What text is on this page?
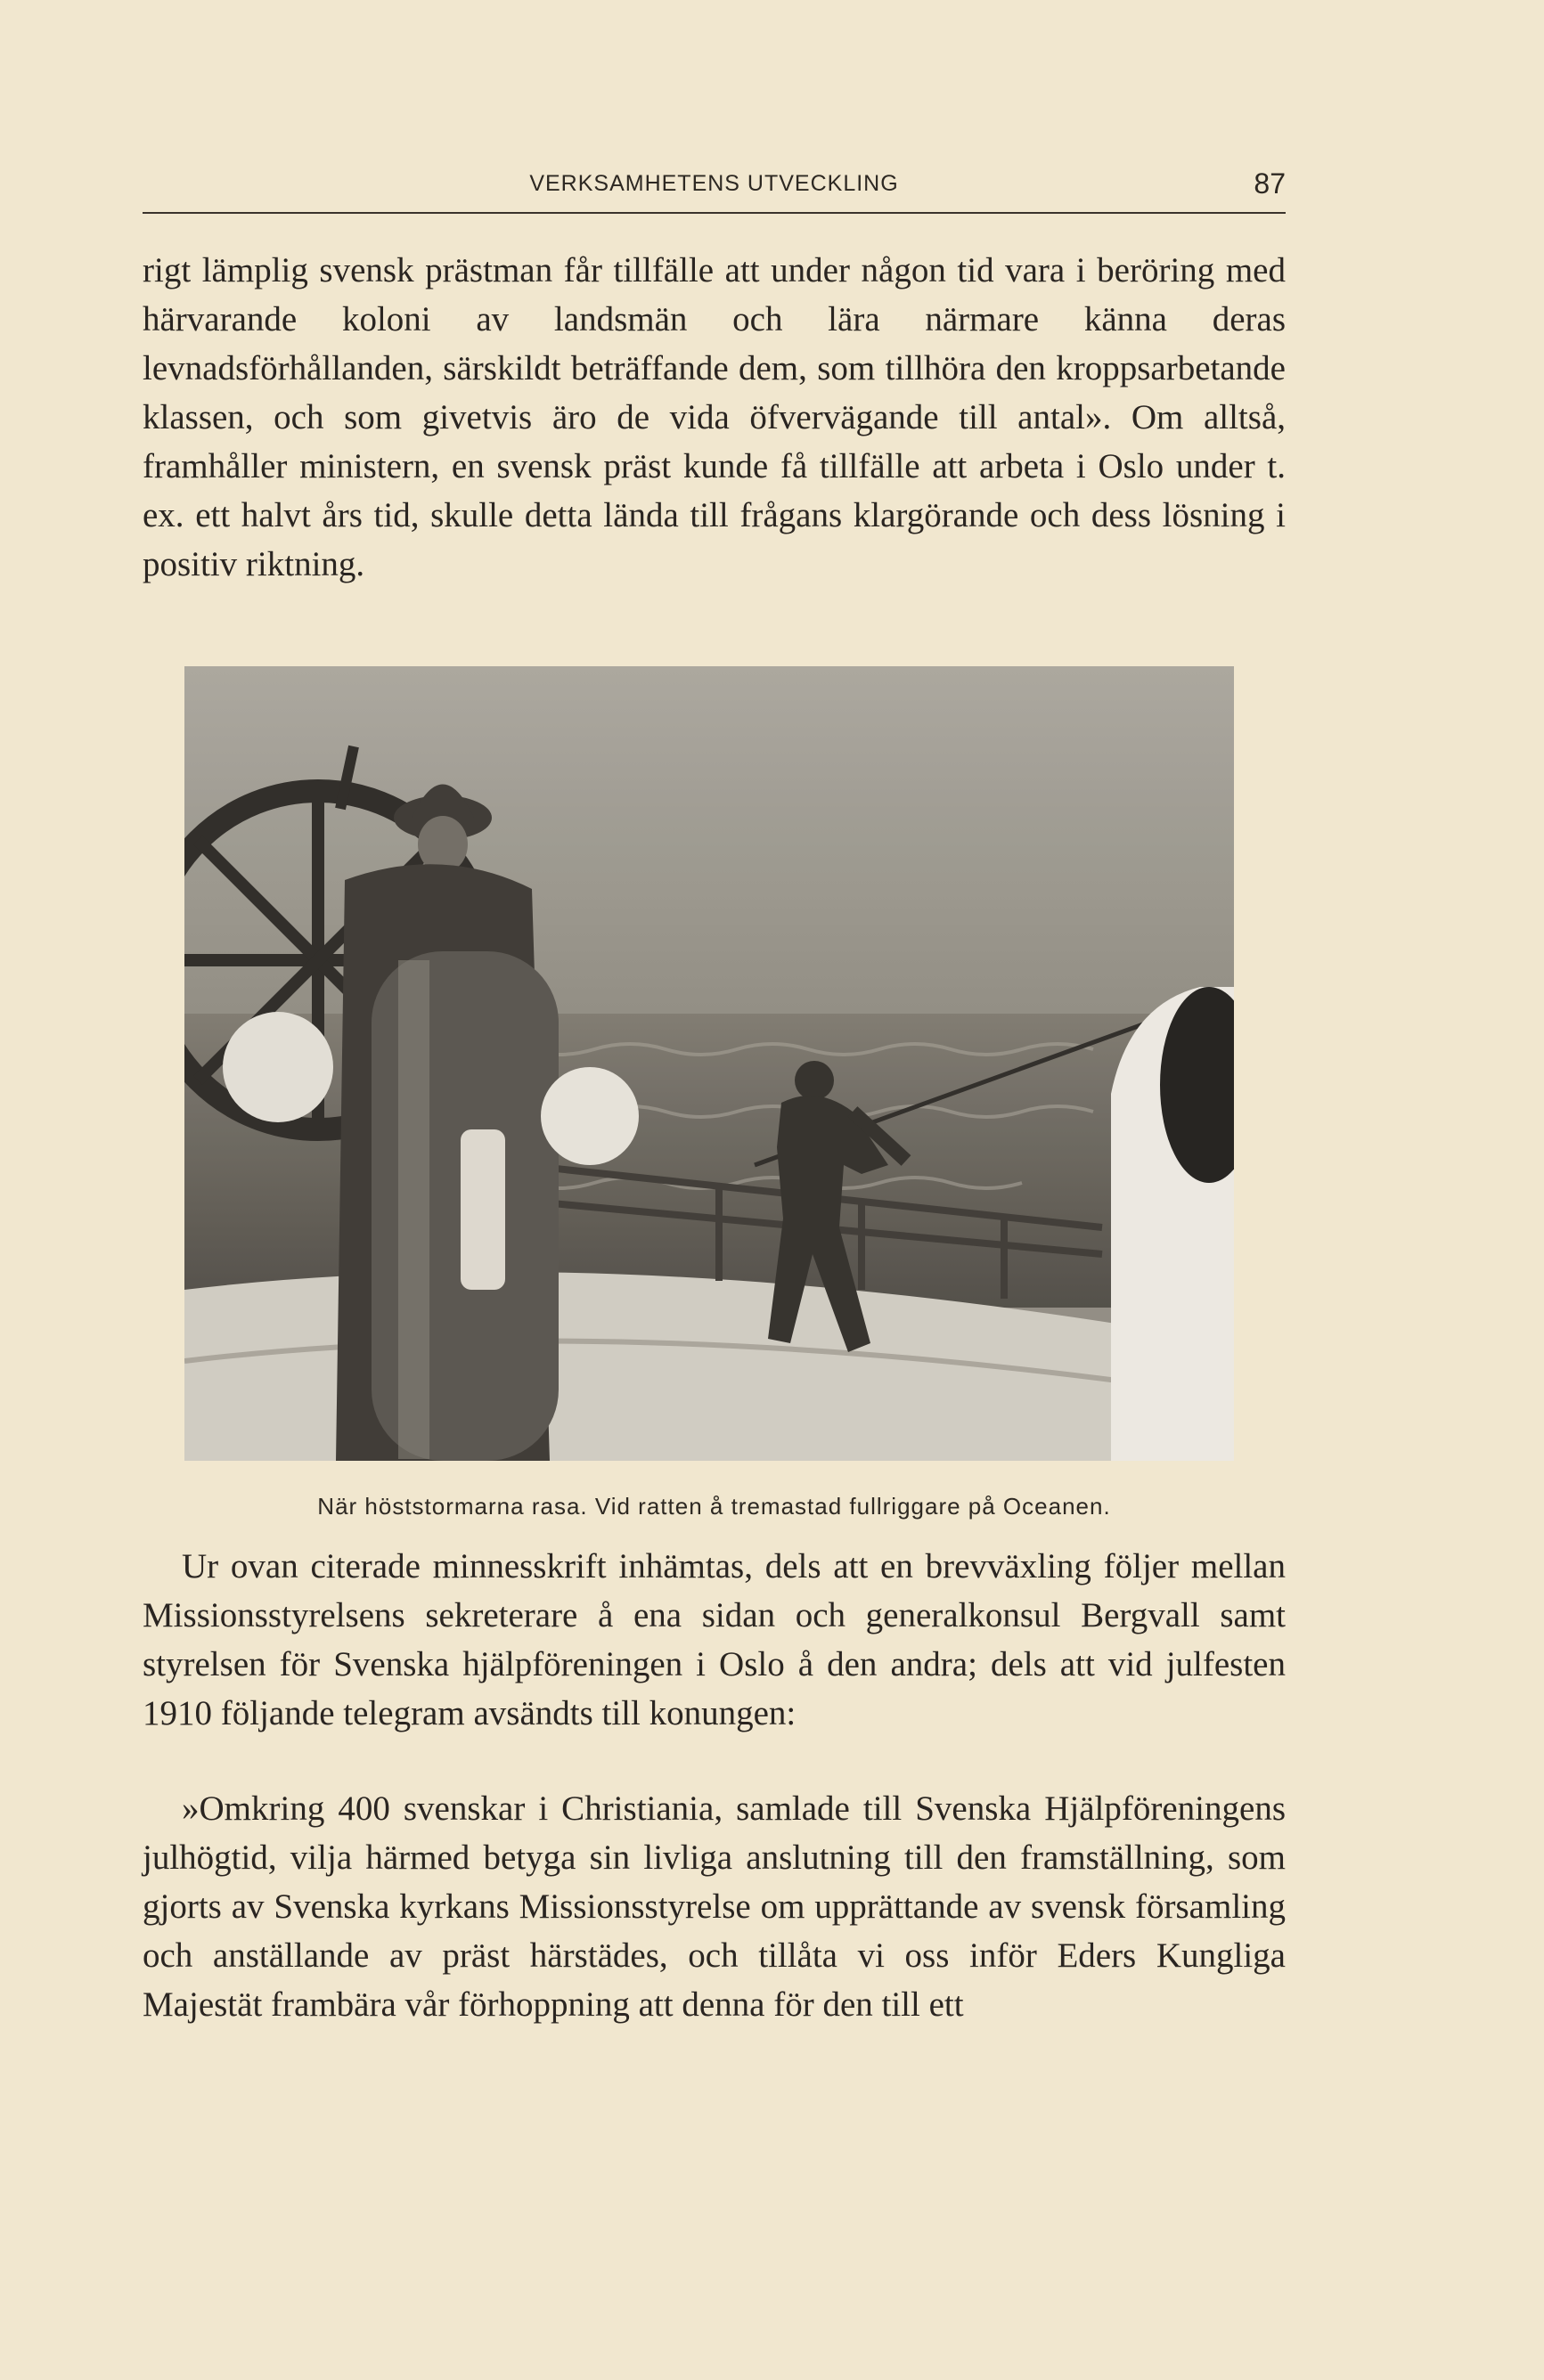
VERKSAMHETENS UTVECKLING	87

rigt lämplig svensk prästman får tillfälle att under någon tid vara i beröring med härvarande koloni av landsmän och lära närmare känna deras levnadsförhållanden, särskildt beträffande dem, som tillhöra den kroppsarbetande klassen, och som givetvis äro de vida öfvervägande till antal». Om alltså, framhåller ministern, en svensk präst kunde få tillfälle att arbeta i Oslo under t. ex. ett halvt års tid, skulle detta lända till frågans klargörande och dess lösning i positiv riktning.

När höststormarna rasa. Vid ratten å tremastad fullriggare på Oceanen.

Ur ovan citerade minnesskrift inhämtas, dels att en brevväxling följer mellan Missionsstyrelsens sekreterare å ena sidan och generalkonsul Bergvall samt styrelsen för Svenska hjälpföreningen i Oslo å den andra; dels att vid julfesten 1910 följande telegram avsändts till konungen:

»Omkring 400 svenskar i Christiania, samlade till Svenska Hjälpföreningens julhögtid, vilja härmed betyga sin livliga anslutning till den framställning, som gjorts av Svenska kyrkans Missionsstyrelse om upprättande av svensk församling och anställande av präst härstädes, och tillåta vi oss inför Eders Kungliga Majestät frambära vår förhoppning att denna för den till ett
